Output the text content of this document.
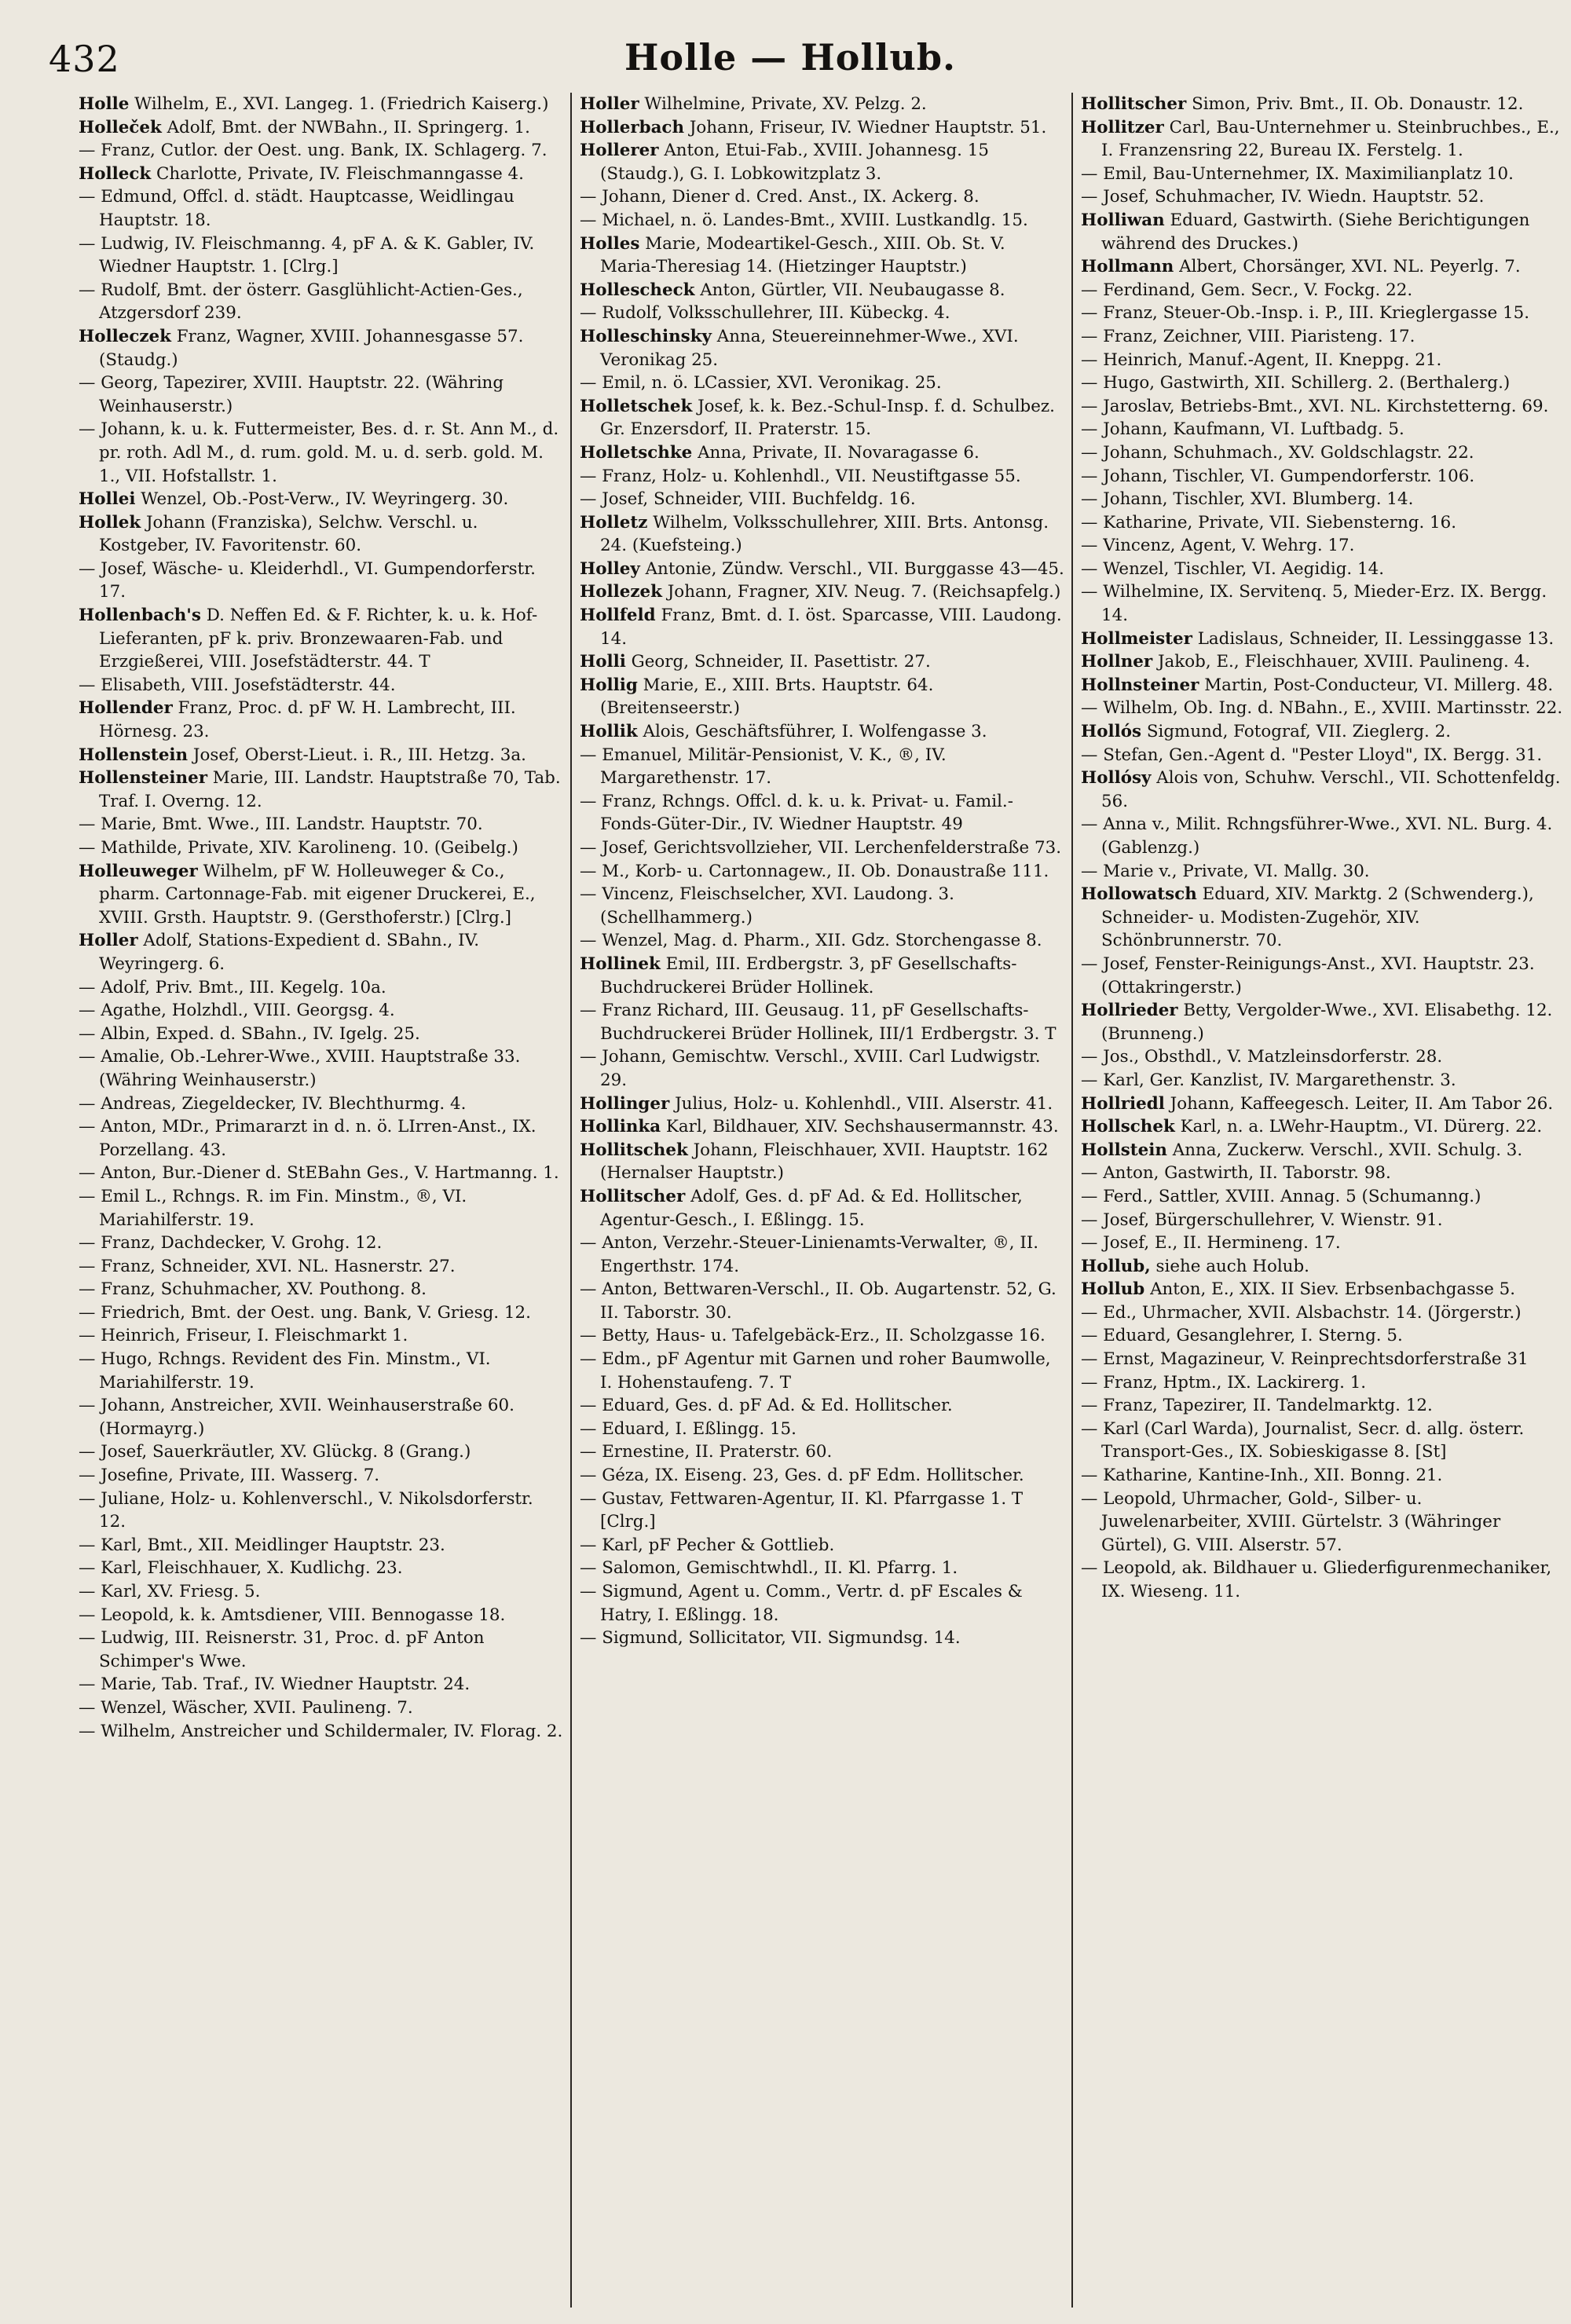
432	Holle — Hollub.
Holle Wilhelm, E., XVI. Langeg. 1. (Friedrich Kaiserg.)
Holleček Adolf, Bmt. der NWBahn., II. Springerg. 1.
— Franz, Cutlor. der Oest. ung. Bank, IX. Schlagerg. 7.
Holleck Charlotte, Private, IV. Fleischmanngasse 4.
— Edmund, Offcl. d. städt. Hauptcasse, Weidlingau Hauptstr. 18.
— Ludwig, IV. Fleischmanng. 4, pF A. & K. Gabler, IV. Wiedner Hauptstr. 1. [Clrg.]
— Rudolf, Bmt. der österr. Gasglühlicht-Actien-Ges., Atzgersdorf 239.
Holleczek Franz, Wagner, XVIII. Johannesgasse 57. (Staudg.)
— Georg, Tapezirer, XVIII. Hauptstr. 22. (Währing Weinhauserstr.)
— Johann, k. u. k. Futtermeister, Bes. d. r. St. Ann M., d. pr. roth. Adl M., d. rum. gold. M. u. d. serb. gold. M. 1., VII. Hofstallstr. 1.
Hollei Wenzel, Ob.-Post-Verw., IV. Weyringerg. 30.
Hollek Johann (Franziska), Selchw. Verschl. u. Kostgeber, IV. Favoritenstr. 60.
— Josef, Wäsche- u. Kleiderhdl., VI. Gumpendorferstr. 17.
Hollenbach's D. Neffen Ed. & F. Richter, k. u. k. Hof-Lieferanten, pF k. priv. Bronzewaaren-Fab. und Erzgießerei, VIII. Josefstädterstr. 44. T
— Elisabeth, VIII. Josefstädterstr. 44.
Hollender Franz, Proc. d. pF W. H. Lambrecht, III. Hörnesg. 23.
Hollenstein Josef, Oberst-Lieut. i. R., III. Hetzg. 3a.
Hollensteiner Marie, III. Landstr. Hauptstraße 70, Tab. Traf. I. Overng. 12.
— Marie, Bmt. Wwe., III. Landstr. Hauptstr. 70.
— Mathilde, Private, XIV. Karolineng. 10. (Geibelg.)
Holleuweger Wilhelm, pF W. Holleuweger & Co., pharm. Cartonnage-Fab. mit eigener Druckerei, E., XVIII. Grsth. Hauptstr. 9. (Gersthoferstr.) [Clrg.]
Holler Adolf, Stations-Expedient d. SBahn., IV. Weyringerg. 6.
— Adolf, Priv. Bmt., III. Kegelg. 10a.
— Agathe, Holzhdl., VIII. Georgsg. 4.
— Albin, Exped. d. SBahn., IV. Igelg. 25.
— Amalie, Ob.-Lehrer-Wwe., XVIII. Hauptstraße 33. (Währing Weinhauserstr.)
— Andreas, Ziegeldecker, IV. Blechthurmg. 4.
— Anton, MDr., Primararzt in d. n. ö. LIrren-Anst., IX. Porzellang. 43.
— Anton, Bur.-Diener d. StEBahn Ges., V. Hartmanng. 1.
— Emil L., Rchngs. R. im Fin. Minstm., ®, VI. Mariahilferstr. 19.
— Franz, Dachdecker, V. Grohg. 12.
— Franz, Schneider, XVI. NL. Hasnerstr. 27.
— Franz, Schuhmacher, XV. Pouthong. 8.
— Friedrich, Bmt. der Oest. ung. Bank, V. Griesg. 12.
— Heinrich, Friseur, I. Fleischmarkt 1.
— Hugo, Rchngs. Revident des Fin. Minstm., VI. Mariahilferstr. 19.
— Johann, Anstreicher, XVII. Weinhauserstraße 60. (Hormayrg.)
— Josef, Sauerkräutler, XV. Glückg. 8 (Grang.)
— Josefine, Private, III. Wasserg. 7.
— Juliane, Holz- u. Kohlenverschl., V. Nikolsdorferstr. 12.
— Karl, Bmt., XII. Meidlinger Hauptstr. 23.
— Karl, Fleischhauer, X. Kudlichg. 23.
— Karl, XV. Friesg. 5.
— Leopold, k. k. Amtsdiener, VIII. Bennogasse 18.
— Ludwig, III. Reisnerstr. 31, Proc. d. pF Anton Schimper's Wwe.
— Marie, Tab. Traf., IV. Wiedner Hauptstr. 24.
— Wenzel, Wäscher, XVII. Paulineng. 7.
— Wilhelm, Anstreicher und Schildermaler, IV. Florag. 2.
Holler Wilhelmine, Private, XV. Pelzg. 2.
Hollerbach Johann, Friseur, IV. Wiedner Hauptstr. 51.
Hollerer Anton, Etui-Fab., XVIII. Johannesg. 15 (Staudg.), G. I. Lobkowitzplatz 3.
— Johann, Diener d. Cred. Anst., IX. Ackerg. 8.
— Michael, n. ö. Landes-Bmt., XVIII. Lustkandlg. 15.
Holles Marie, Modeartikel-Gesch., XIII. Ob. St. V. Maria-Theresiag 14. (Hietzinger Hauptstr.)
Hollescheck Anton, Gürtler, VII. Neubaugasse 8.
— Rudolf, Volksschullehrer, III. Kübeckg. 4.
Holleschinsky Anna, Steuereinnehmer-Wwe., XVI. Veronikag 25.
— Emil, n. ö. LCassier, XVI. Veronikag. 25.
Holletschek Josef, k. k. Bez.-Schul-Insp. f. d. Schulbez. Gr. Enzersdorf, II. Praterstr. 15.
Holletschke Anna, Private, II. Novaragasse 6.
— Franz, Holz- u. Kohlenhdl., VII. Neustiftgasse 55.
— Josef, Schneider, VIII. Buchfeldg. 16.
Holletz Wilhelm, Volksschullehrer, XIII. Brts. Antonsg. 24. (Kuefsteing.)
Holley Antonie, Zündw. Verschl., VII. Burggasse 43—45.
Hollezek Johann, Fragner, XIV. Neug. 7. (Reichsapfelg.)
Hollfeld Franz, Bmt. d. I. öst. Sparcasse, VIII. Laudong. 14.
Holli Georg, Schneider, II. Pasettistr. 27.
Hollig Marie, E., XIII. Brts. Hauptstr. 64. (Breitenseerstr.)
Hollik Alois, Geschäftsführer, I. Wolfengasse 3.
— Emanuel, Militär-Pensionist, V. K., ®, IV. Margarethenstr. 17.
— Franz, Rchngs. Offcl. d. k. u. k. Privat- u. Famil.-Fonds-Güter-Dir., IV. Wiedner Hauptstr. 49
— Josef, Gerichtsvollzieher, VII. Lerchenfelderstraße 73.
— M., Korb- u. Cartonnagew., II. Ob. Donaustraße 111.
— Vincenz, Fleischselcher, XVI. Laudong. 3. (Schellhammerg.)
— Wenzel, Mag. d. Pharm., XII. Gdz. Storchengasse 8.
Hollinek Emil, III. Erdbergstr. 3, pF Gesellschafts-Buchdruckerei Brüder Hollinek.
— Franz Richard, III. Geusaug. 11, pF Gesellschafts-Buchdruckerei Brüder Hollinek, III/1 Erdbergstr. 3. T
— Johann, Gemischtw. Verschl., XVIII. Carl Ludwigstr. 29.
Hollinger Julius, Holz- u. Kohlenhdl., VIII. Alserstr. 41.
Hollinka Karl, Bildhauer, XIV. Sechshausermannstr. 43.
Hollitschek Johann, Fleischhauer, XVII. Hauptstr. 162 (Hernalser Hauptstr.)
Hollitscher Adolf, Ges. d. pF Ad. & Ed. Hollitscher, Agentur-Gesch., I. Eßlingg. 15.
— Anton, Verzehr.-Steuer-Linienamts-Verwalter, ®, II. Engerthstr. 174.
— Anton, Bettwaren-Verschl., II. Ob. Augartenstr. 52, G. II. Taborstr. 30.
— Betty, Haus- u. Tafelgebäck-Erz., II. Scholzgasse 16.
— Edm., pF Agentur mit Garnen und roher Baumwolle, I. Hohenstaufeng. 7. T
— Eduard, Ges. d. pF Ad. & Ed. Hollitscher.
— Eduard, I. Eßlingg. 15.
— Ernestine, II. Praterstr. 60.
— Géza, IX. Eiseng. 23, Ges. d. pF Edm. Hollitscher.
— Gustav, Fettwaren-Agentur, II. Kl. Pfarrgasse 1. T [Clrg.]
— Karl, pF Pecher & Gottlieb.
— Salomon, Gemischtwhdl., II. Kl. Pfarrg. 1.
— Sigmund, Agent u. Comm., Vertr. d. pF Escales & Hatry, I. Eßlingg. 18.
— Sigmund, Sollicitator, VII. Sigmundsg. 14.
Hollitscher Simon, Priv. Bmt., II. Ob. Donaustr. 12.
Hollitzer Carl, Bau-Unternehmer u. Steinbruchbes., E., I. Franzensring 22, Bureau IX. Ferstelg. 1.
— Emil, Bau-Unternehmer, IX. Maximilianplatz 10.
— Josef, Schuhmacher, IV. Wiedn. Hauptstr. 52.
Holliwan Eduard, Gastwirth. (Siehe Berichtigungen während des Druckes.)
Hollmann Albert, Chorsänger, XVI. NL. Peyerlg. 7.
— Ferdinand, Gem. Secr., V. Fockg. 22.
— Franz, Steuer-Ob.-Insp. i. P., III. Krieglergasse 15.
— Franz, Zeichner, VIII. Piaristeng. 17.
— Heinrich, Manuf.-Agent, II. Kneppg. 21.
— Hugo, Gastwirth, XII. Schillerg. 2. (Berthalerg.)
— Jaroslav, Betriebs-Bmt., XVI. NL. Kirchstetterng. 69.
— Johann, Kaufmann, VI. Luftbadg. 5.
— Johann, Schuhmach., XV. Goldschlagstr. 22.
— Johann, Tischler, VI. Gumpendorferstr. 106.
— Johann, Tischler, XVI. Blumberg. 14.
— Katharine, Private, VII. Siebensterng. 16.
— Vincenz, Agent, V. Wehrg. 17.
— Wenzel, Tischler, VI. Aegidig. 14.
— Wilhelmine, IX. Servitenq. 5, Mieder-Erz. IX. Bergg. 14.
Hollmeister Ladislaus, Schneider, II. Lessinggasse 13.
Hollner Jakob, E., Fleischhauer, XVIII. Paulineng. 4.
Hollnsteiner Martin, Post-Conducteur, VI. Millerg. 48.
— Wilhelm, Ob. Ing. d. NBahn., E., XVIII. Martinsstr. 22.
Hollós Sigmund, Fotograf, VII. Zieglerg. 2.
— Stefan, Gen.-Agent d. "Pester Lloyd", IX. Bergg. 31.
Hollósy Alois von, Schuhw. Verschl., VII. Schottenfeldg. 56.
— Anna v., Milit. Rchngsführer-Wwe., XVI. NL. Burg. 4. (Gablenzg.)
— Marie v., Private, VI. Mallg. 30.
Hollowatsch Eduard, XIV. Marktg. 2 (Schwenderg.), Schneider- u. Modisten-Zugehör, XIV. Schönbrunnerstr. 70.
— Josef, Fenster-Reinigungs-Anst., XVI. Hauptstr. 23. (Ottakringerstr.)
Hollrieder Betty, Vergolder-Wwe., XVI. Elisabethg. 12. (Brunneng.)
— Jos., Obsthdl., V. Matzleinsdorferstr. 28.
— Karl, Ger. Kanzlist, IV. Margarethenstr. 3.
Hollriedl Johann, Kaffeegesch. Leiter, II. Am Tabor 26.
Hollschek Karl, n. a. LWehr-Hauptm., VI. Dürerg. 22.
Hollstein Anna, Zuckerw. Verschl., XVII. Schulg. 3.
— Anton, Gastwirth, II. Taborstr. 98.
— Ferd., Sattler, XVIII. Annag. 5 (Schumanng.)
— Josef, Bürgerschullehrer, V. Wienstr. 91.
— Josef, E., II. Hermineng. 17.
Hollub, siehe auch Holub.
Hollub Anton, E., XIX. II Siev. Erbsenbachgasse 5.
— Ed., Uhrmacher, XVII. Alsbachstr. 14. (Jörgerstr.)
— Eduard, Gesanglehrer, I. Sterng. 5.
— Ernst, Magazineur, V. Reinprechtsdorferstraße 31
— Franz, Hptm., IX. Lackirerg. 1.
— Franz, Tapezirer, II. Tandelmarktg. 12.
— Karl (Carl Warda), Journalist, Secr. d. allg. österr. Transport-Ges., IX. Sobieskigasse 8. [St]
— Katharine, Kantine-Inh., XII. Bonng. 21.
— Leopold, Uhrmacher, Gold-, Silber- u. Juwelenarbeiter, XVIII. Gürtelstr. 3 (Währinger Gürtel), G. VIII. Alserstr. 57.
— Leopold, ak. Bildhauer u. Gliederfigurenmechaniker, IX. Wieseng. 11.
